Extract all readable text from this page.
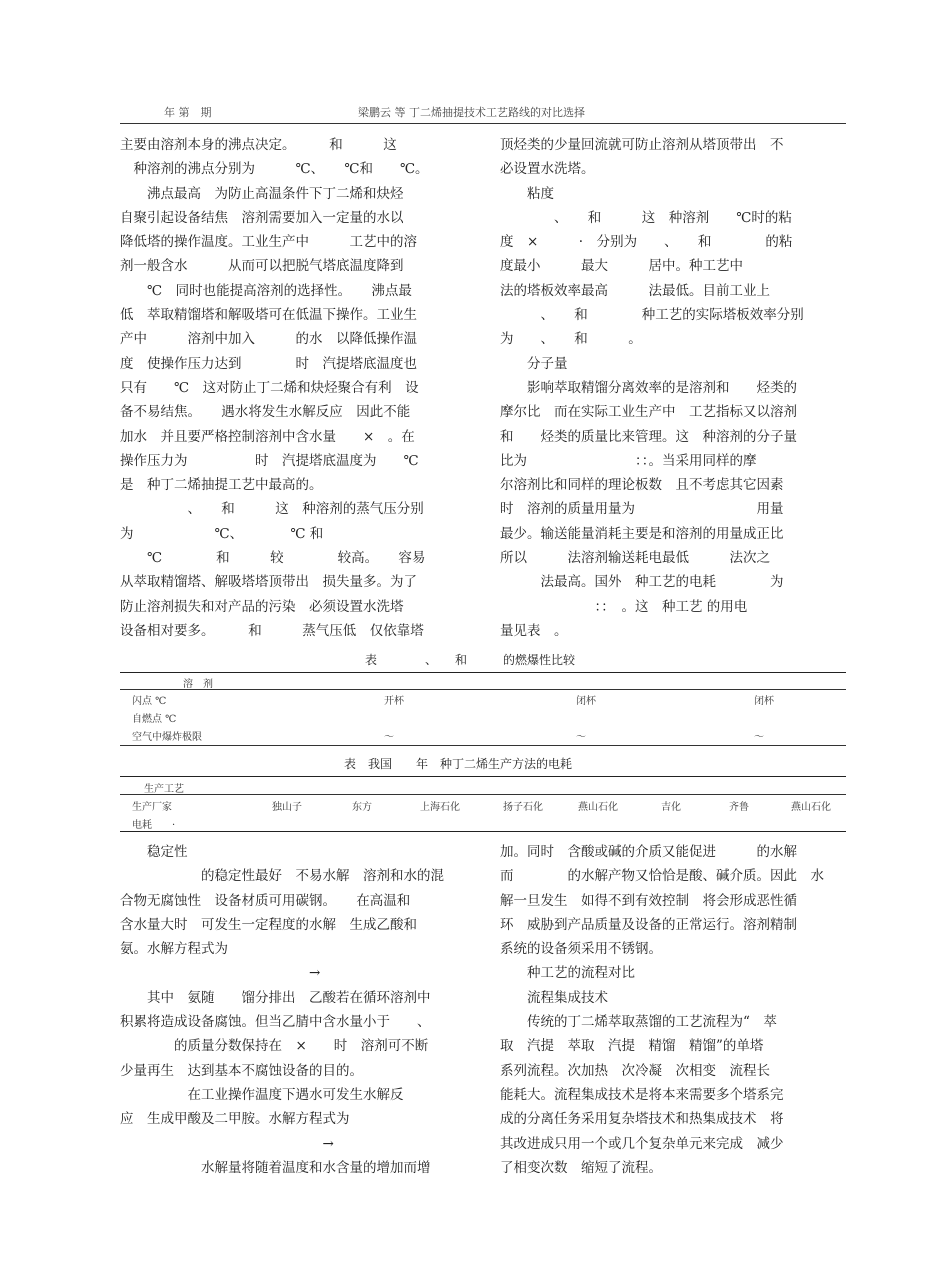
年 第　期	梁鹏云 等 丁二烯抽提技术工艺路线的对比选择

主要由溶剂本身的沸点决定。　　　和　　　这

　种溶剂的沸点分别为　　　℃、　　℃和　　℃。

　　沸点最高　为防止高温条件下丁二烯和炔烃

自聚引起设备结焦　溶剂需要加入一定量的水以

降低塔的操作温度。工业生产中　　　工艺中的溶

剂一般含水　　　从而可以把脱气塔底温度降到

　　℃　同时也能提高溶剂的选择性。　　沸点最

低　萃取精馏塔和解吸塔可在低温下操作。工业生

产中　　　溶剂中加入　　　的水　以降低操作温

度　使操作压力达到　　　　时　汽提塔底温度也

只有　　℃　这对防止丁二烯和炔烃聚合有利　设

备不易结焦。　　遇水将发生水解反应　因此不能

加水　并且要严格控制溶剂中含水量　　×　。在

操作压力为　　　　　时　汽提塔底温度为　　℃

是　种丁二烯抽提工艺中最高的。

　　　　　、　　和　　　这　种溶剂的蒸气压分别

为　　　　　　℃、　　　　℃ 和

　　℃　　　　和　　　较　　　　较高。　　容易

从萃取精馏塔、解吸塔塔顶带出　损失量多。为了

防止溶剂损失和对产品的污染　必须设置水洗塔

设备相对要多。　　　和　　　蒸气压低　仅依靠塔

顶烃类的少量回流就可防止溶剂从塔顶带出　不

必设置水洗塔。

　　粘度

　　　　、　　和　　　这　种溶剂　　℃时的粘

度　×　　　·　分别为　　、　　和　　　　的粘

度最小　　　最大　　　居中。种工艺中

法的塔板效率最高　　　法最低。目前工业上

　　　、　　和　　　　种工艺的实际塔板效率分别

为　　、　　和　　　。

　　分子量

　　影响萃取精馏分离效率的是溶剂和　　烃类的

摩尔比　而在实际工业生产中　工艺指标又以溶剂

和　　烃类的质量比来管理。这　种溶剂的分子量

比为　　　　　　　　：：。当采用同样的摩

尔溶剂比和同样的理论板数　且不考虑其它因素

时　溶剂的质量用量为　　　　　　　　　用量

最少。输送能量消耗主要是和溶剂的用量成正比

所以　　　法溶剂输送耗电最低　　　法次之

　　　法最高。国外　种工艺的电耗　　　　为

　　　　　　　：：　。这　种工艺 的用电

量见表　。

表　　　　、　　和　　　的燃爆性比较
溶　剂
闪点 ℃	开杯	闭杯	闭杯
自燃点 ℃
空气中爆炸极限	～	～	～
表　我国　　年　种丁二烯生产方法的电耗
生产工艺
生产厂家	独山子	东方	上海石化	扬子石化	燕山石化	吉化	齐鲁	燕山石化
电耗　　·

　　稳定性

　　　　　　的稳定性最好　不易水解　溶剂和水的混

合物无腐蚀性　设备材质可用碳钢。　　在高温和

含水量大时　可发生一定程度的水解　生成乙酸和

氨。水解方程式为

　　　　　　　　　　　　　　→

　　其中　氨随　　馏分排出　乙酸若在循环溶剂中

积累将造成设备腐蚀。但当乙腈中含水量小于　　、

　　　　的质量分数保持在　×　　时　溶剂可不断

少量再生　达到基本不腐蚀设备的目的。

　　　　　在工业操作温度下遇水可发生水解反

应　生成甲酸及二甲胺。水解方程式为

　　　　　　　　　　　　　　　→

　　　　　　水解量将随着温度和水含量的增加而增

加。同时　含酸或碱的介质又能促进　　　的水解

而　　　　的水解产物又恰恰是酸、碱介质。因此　水

解一旦发生　如得不到有效控制　将会形成恶性循

环　威胁到产品质量及设备的正常运行。溶剂精制

系统的设备须采用不锈钢。

　　种工艺的流程对比

　　流程集成技术

　　传统的丁二烯萃取蒸馏的工艺流程为“　萃

取　汽提　萃取　汽提　精馏　精馏”的单塔

系列流程。次加热　次冷凝　次相变　流程长

能耗大。流程集成技术是将本来需要多个塔系完

成的分离任务采用复杂塔技术和热集成技术　将

其改进成只用一个或几个复杂单元来完成　减少

了相变次数　缩短了流程。
